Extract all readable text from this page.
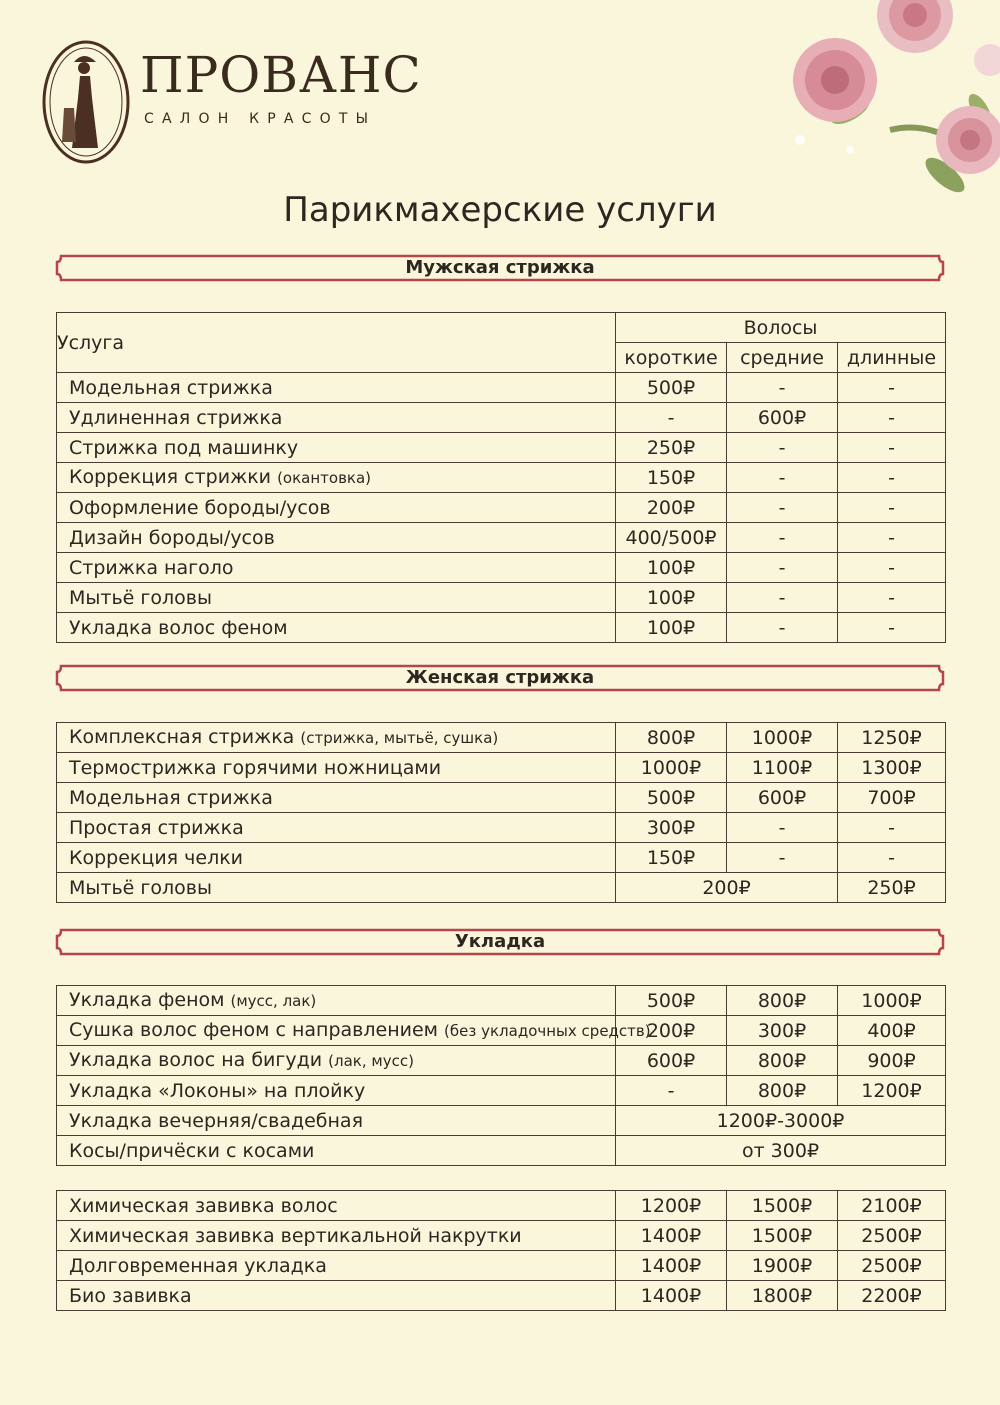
ПРОВАНС
САЛОН КРАСОТЫ
Парикмахерские услуги
Мужская стрижка
Услуга	Волосы		
	короткие	средние	длинные
Модельная стрижка	500₽	-	-
Удлиненная стрижка	-	600₽	-
Стрижка под машинку	250₽	-	-
Коррекция стрижки (окантовка)	150₽	-	-
Оформление бороды/усов	200₽	-	-
Дизайн бороды/усов	400/500₽	-	-
Стрижка наголо	100₽	-	-
Мытьё головы	100₽	-	-
Укладка волос феном	100₽	-	-
Женская стрижка
Комплексная стрижка (стрижка, мытьё, сушка)	800₽	1000₽	1250₽
Термострижка горячими ножницами	1000₽	1100₽	1300₽
Модельная стрижка	500₽	600₽	700₽
Простая стрижка	300₽	-	-
Коррекция челки	150₽	-	-
Мытьё головы	200₽		250₽
Укладка
Укладка феном (мусс, лак)	500₽	800₽	1000₽
Сушка волос феном с направлением (без укладочных средств)	200₽	300₽	400₽
Укладка волос на бигуди (лак, мусс)	600₽	800₽	900₽
Укладка «Локоны» на плойку	-	800₽	1200₽
Укладка вечерняя/свадебная	1200₽-3000₽		
Косы/причёски с косами	от 300₽		
Химическая завивка волос	1200₽	1500₽	2100₽
Химическая завивка вертикальной накрутки	1400₽	1500₽	2500₽
Долговременная укладка	1400₽	1900₽	2500₽
Био завивка	1400₽	1800₽	2200₽
